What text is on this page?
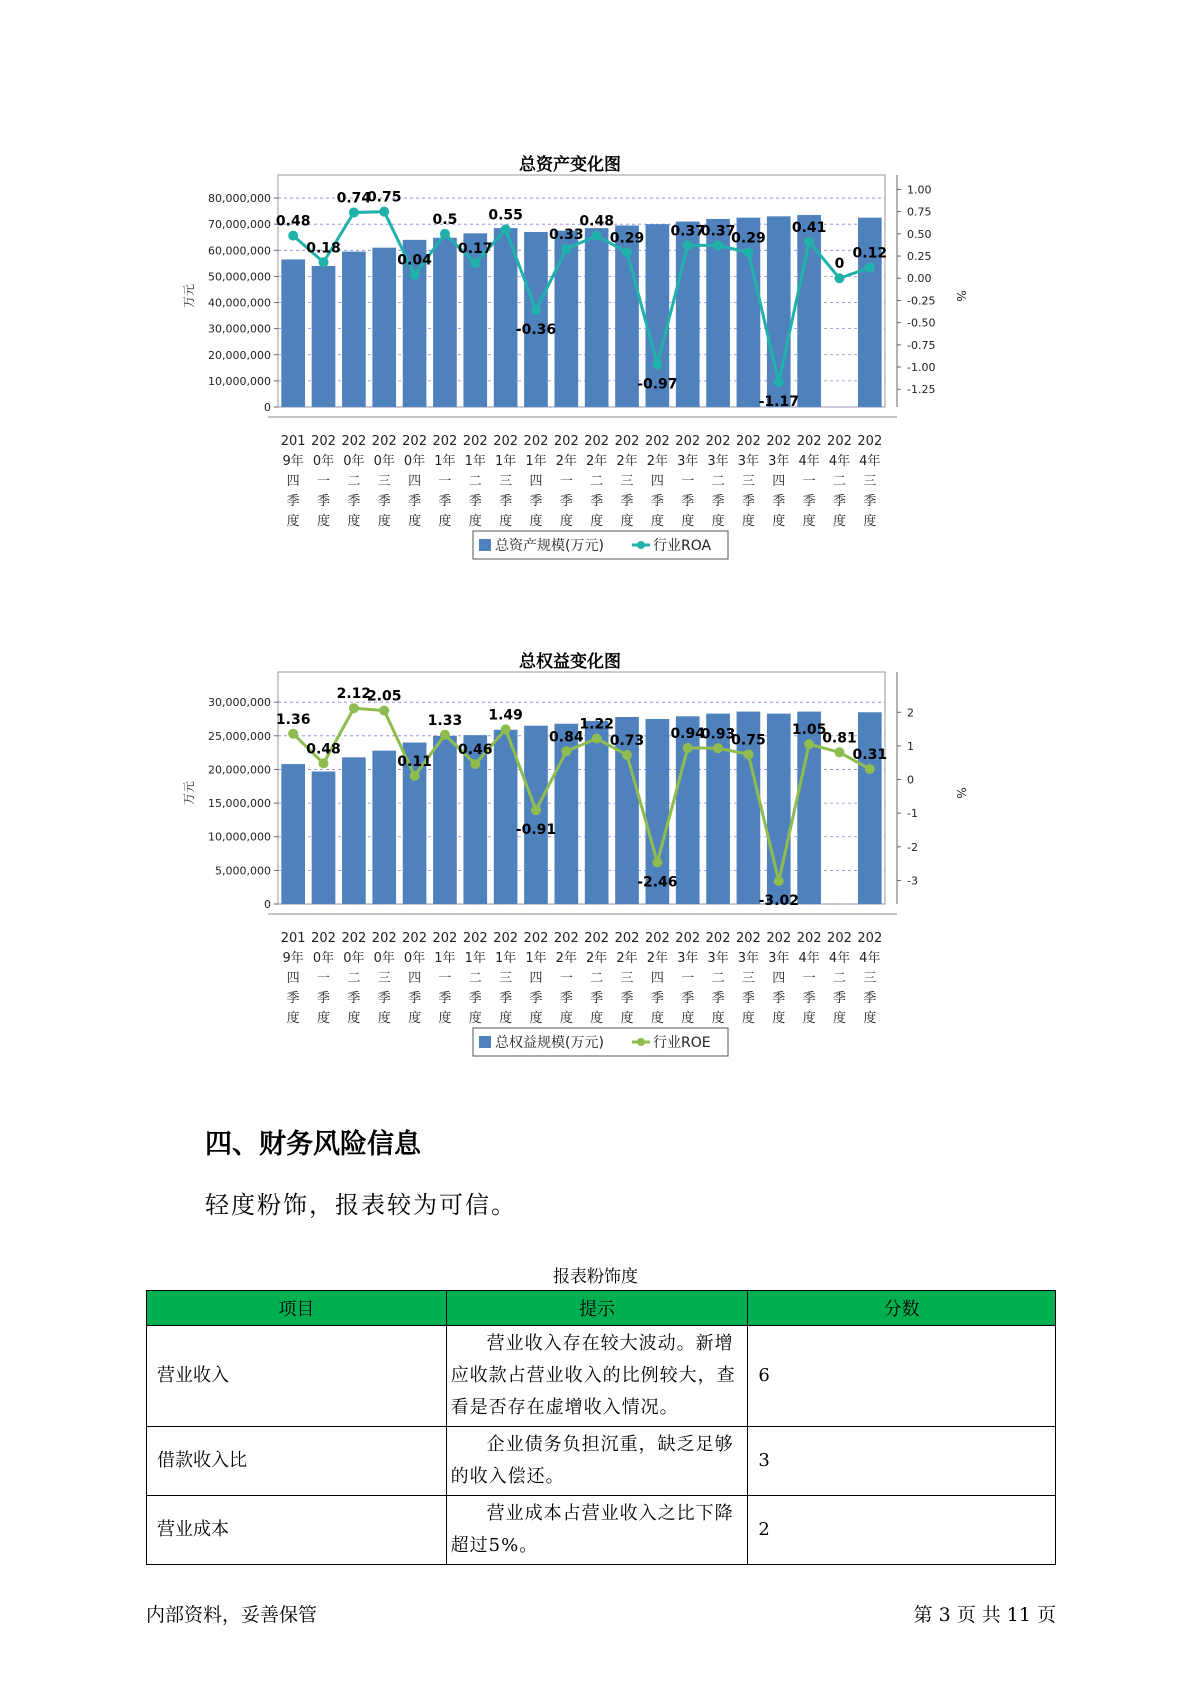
总资产变化图
0
10,000,000
20,000,000
30,000,000
40,000,000
50,000,000
60,000,000
70,000,000
80,000,000
1.00
0.75
0.50
0.25
0.00
-0.25
-0.50
-0.75
-1.00
-1.25
万元	%
0.48
0.18
0.74
0.75
0.04
0.5
0.17
0.55
-0.36
0.33
0.48
0.29
-0.97
0.37
0.37
0.29
-1.17
0.41
0
0.12
201 9年四季度
202 0年一季度
202 0年二季度
202 0年三季度
202 0年四季度
202 1年一季度
202 1年二季度
202 1年三季度
202 1年四季度
202 2年一季度
202 2年二季度
202 2年三季度
202 2年四季度
202 3年一季度
202 3年二季度
202 3年三季度
202 3年四季度
202 4年一季度
202 4年二季度
202 4年三季度
总资产规模(万元)	行业ROA
总权益变化图
0
5,000,000
10,000,000
15,000,000
20,000,000
25,000,000
30,000,000
2
1
0
-1
-2
-3
万元	%
1.36
0.48
2.12
2.05
0.11
1.33
0.46
1.49
-0.91
0.84
1.22
0.73
-2.46
0.94
0.93
0.75
-3.02
1.05
0.81
0.31
201 9年四季度
202 0年一季度
202 0年二季度
202 0年三季度
202 0年四季度
202 1年一季度
202 1年二季度
202 1年三季度
202 1年四季度
202 2年一季度
202 2年二季度
202 2年三季度
202 2年四季度
202 3年一季度
202 3年二季度
202 3年三季度
202 3年四季度
202 4年一季度
202 4年二季度
202 4年三季度
总权益规模(万元)	行业ROE
四、财务风险信息
轻度粉饰，报表较为可信。
报表粉饰度
项目	提示	分数
营业收入	营业收入存在较大波动。新增应收款占营业收入的比例较大，查看是否存在虚增收入情况。	6
借款收入比	企业债务负担沉重，缺乏足够的收入偿还。	3
营业成本	营业成本占营业收入之比下降超过5%。	2
内部资料，妥善保管	第 3 页 共 11 页
